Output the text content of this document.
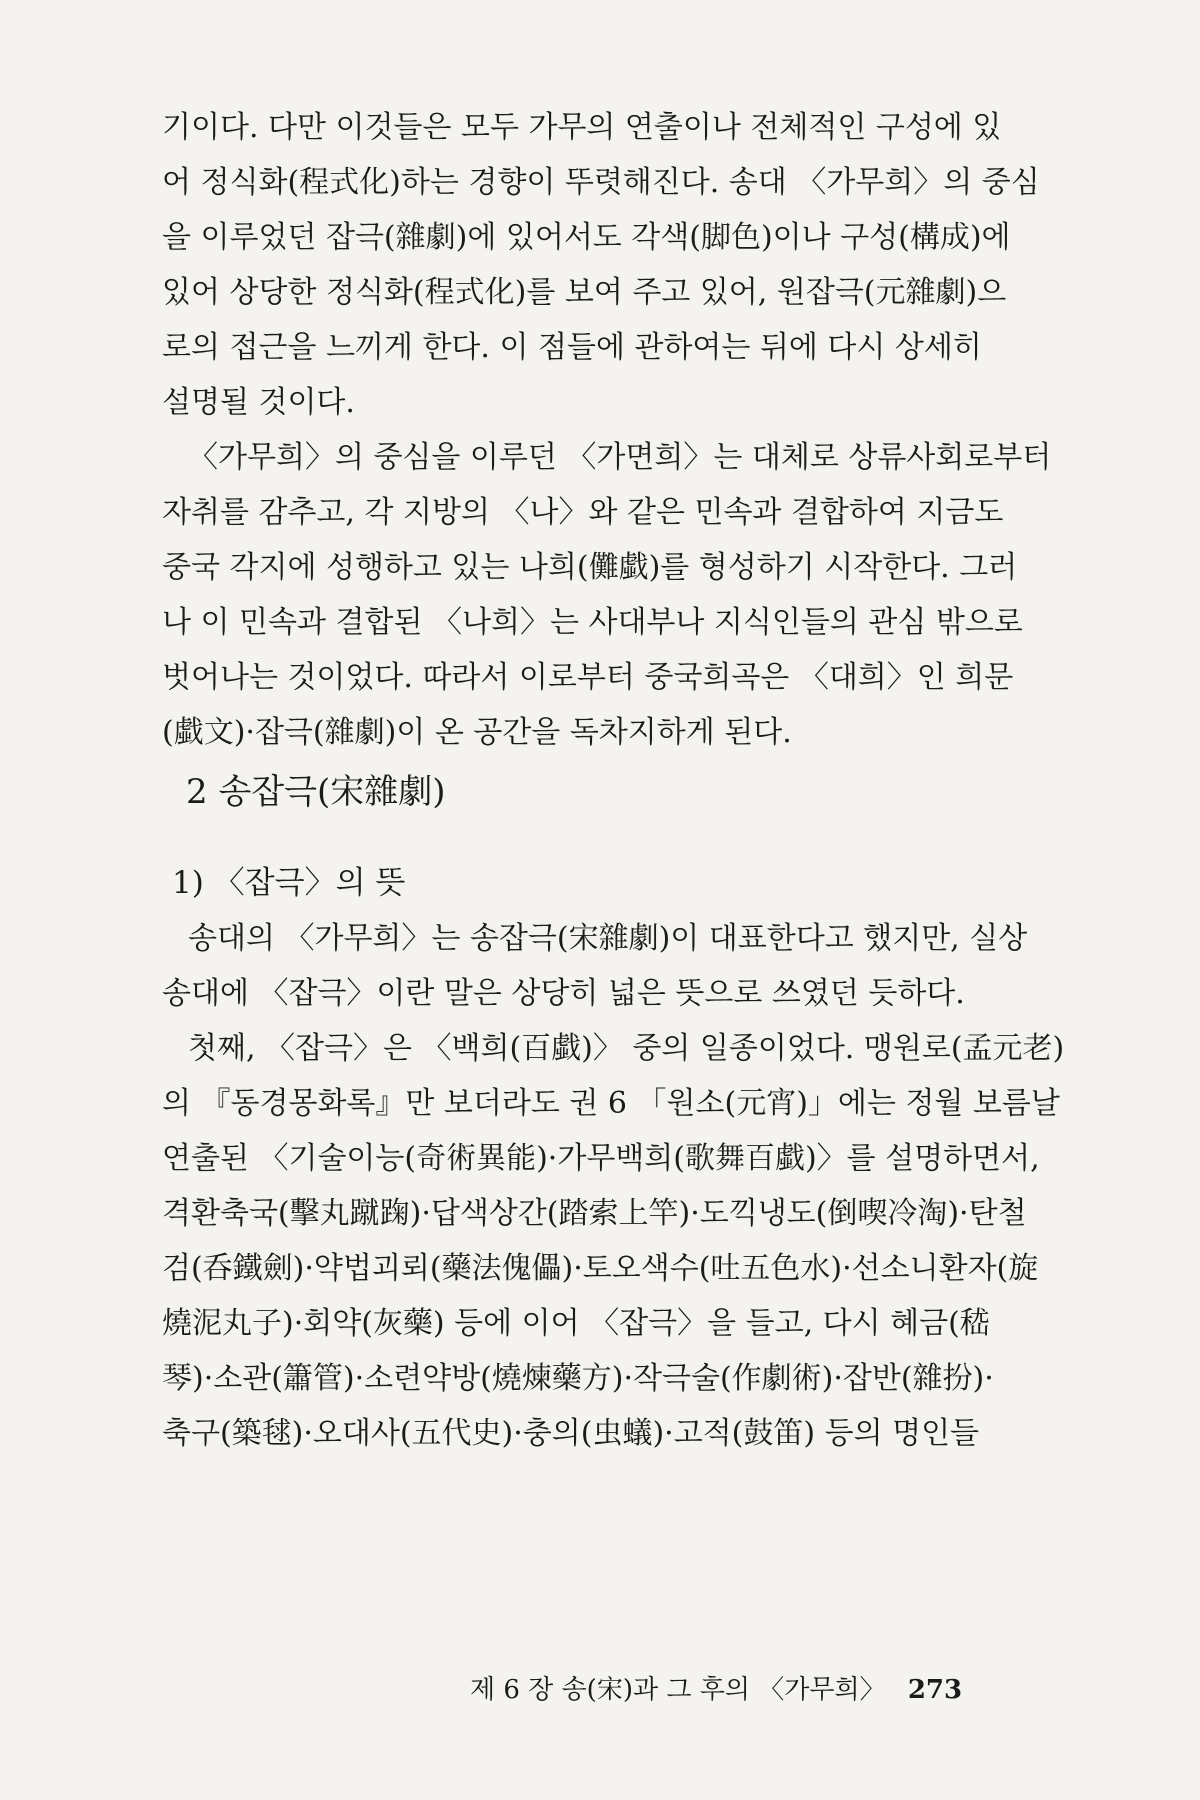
기이다. 다만 이것들은 모두 가무의 연출이나 전체적인 구성에 있
어 정식화(程式化)하는 경향이 뚜렷해진다. 송대 〈가무희〉의 중심
을 이루었던 잡극(雜劇)에 있어서도 각색(脚色)이나 구성(構成)에
있어 상당한 정식화(程式化)를 보여 주고 있어, 원잡극(元雜劇)으
로의 접근을 느끼게 한다. 이 점들에 관하여는 뒤에 다시 상세히
설명될 것이다.
〈가무희〉의 중심을 이루던 〈가면희〉는 대체로 상류사회로부터
자취를 감추고, 각 지방의 〈나〉와 같은 민속과 결합하여 지금도
중국 각지에 성행하고 있는 나희(儺戱)를 형성하기 시작한다. 그러
나 이 민속과 결합된 〈나희〉는 사대부나 지식인들의 관심 밖으로
벗어나는 것이었다. 따라서 이로부터 중국희곡은 〈대희〉인 희문
(戱文)·잡극(雜劇)이 온 공간을 독차지하게 된다.
2 송잡극(宋雜劇)
1) 〈잡극〉의 뜻
송대의 〈가무희〉는 송잡극(宋雜劇)이 대표한다고 했지만, 실상
송대에 〈잡극〉이란 말은 상당히 넓은 뜻으로 쓰였던 듯하다.
첫째, 〈잡극〉은 〈백희(百戱)〉 중의 일종이었다. 맹원로(孟元老)
의 『동경몽화록』만 보더라도 권 6 「원소(元宵)」에는 정월 보름날
연출된 〈기술이능(奇術異能)·가무백희(歌舞百戱)〉를 설명하면서,
격환축국(擊丸蹴踘)·답색상간(踏索上竿)·도끽냉도(倒喫冷淘)·탄철
검(呑鐵劍)·약법괴뢰(藥法傀儡)·토오색수(吐五色水)·선소니환자(旋
燒泥丸子)·회약(灰藥) 등에 이어 〈잡극〉을 들고, 다시 혜금(嵇
琴)·소관(簫管)·소련약방(燒煉藥方)·작극술(作劇術)·잡반(雜扮)·
축구(築毬)·오대사(五代史)·충의(虫蟻)·고적(鼓笛) 등의 명인들
제 6 장 송(宋)과 그 후의 〈가무희〉 273
